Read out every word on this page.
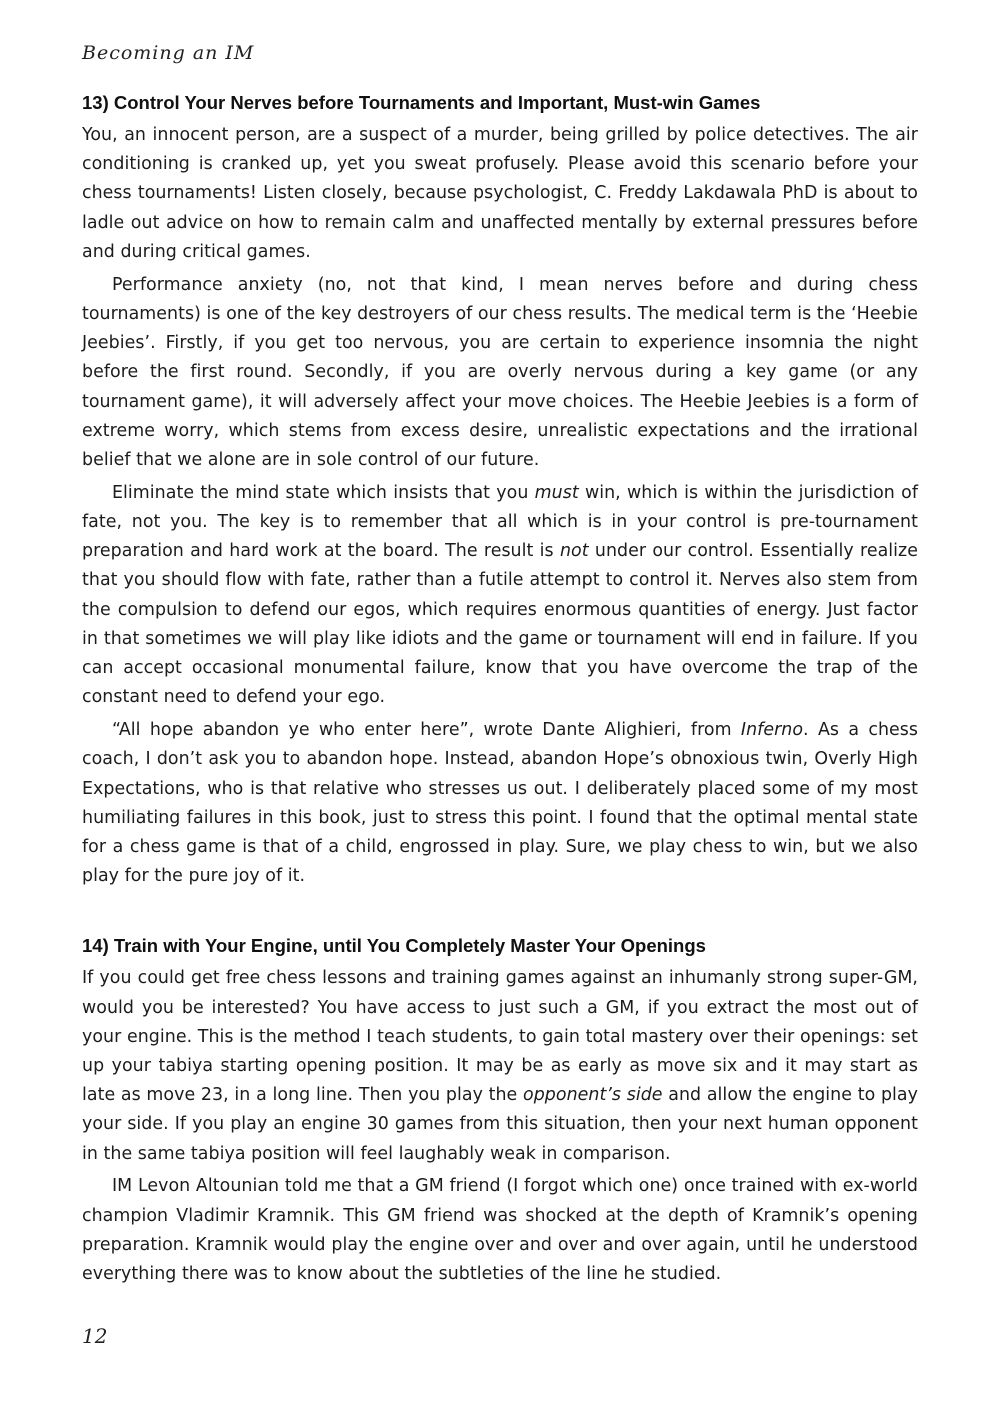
Becoming an IM
13) Control Your Nerves before Tournaments and Important, Must-win Games

You, an innocent person, are a suspect of a murder, being grilled by police detectives. The air conditioning is cranked up, yet you sweat profusely. Please avoid this scenario before your chess tournaments! Listen closely, because psychologist, C. Freddy Lakdawala PhD is about to ladle out advice on how to remain calm and unaffected mentally by external pressures before and during critical games.

Performance anxiety (no, not that kind, I mean nerves before and during chess tournaments) is one of the key destroyers of our chess results. The medical term is the ‘Heebie Jeebies’. Firstly, if you get too nervous, you are certain to experience insomnia the night before the first round. Secondly, if you are overly nervous during a key game (or any tournament game), it will adversely affect your move choices. The Heebie Jeebies is a form of extreme worry, which stems from excess desire, unrealistic expectations and the irrational belief that we alone are in sole control of our future.

Eliminate the mind state which insists that you must win, which is within the jurisdiction of fate, not you. The key is to remember that all which is in your control is pre-tournament preparation and hard work at the board. The result is not under our control. Essentially realize that you should flow with fate, rather than a futile attempt to control it. Nerves also stem from the compulsion to defend our egos, which requires enormous quantities of energy. Just factor in that sometimes we will play like idiots and the game or tournament will end in failure. If you can accept occasional monumental failure, know that you have overcome the trap of the constant need to defend your ego.

“All hope abandon ye who enter here”, wrote Dante Alighieri, from Inferno. As a chess coach, I don’t ask you to abandon hope. Instead, abandon Hope’s obnoxious twin, Overly High Expectations, who is that relative who stresses us out. I deliberately placed some of my most humiliating failures in this book, just to stress this point. I found that the optimal mental state for a chess game is that of a child, engrossed in play. Sure, we play chess to win, but we also play for the pure joy of it.

14) Train with Your Engine, until You Completely Master Your Openings

If you could get free chess lessons and training games against an inhumanly strong super-GM, would you be interested? You have access to just such a GM, if you extract the most out of your engine. This is the method I teach students, to gain total mastery over their openings: set up your tabiya starting opening position. It may be as early as move six and it may start as late as move 23, in a long line. Then you play the opponent’s side and allow the engine to play your side. If you play an engine 30 games from this situation, then your next human opponent in the same tabiya position will feel laughably weak in comparison.

IM Levon Altounian told me that a GM friend (I forgot which one) once trained with ex-world champion Vladimir Kramnik. This GM friend was shocked at the depth of Kramnik’s opening preparation. Kramnik would play the engine over and over and over again, until he understood everything there was to know about the subtleties of the line he studied.

12
